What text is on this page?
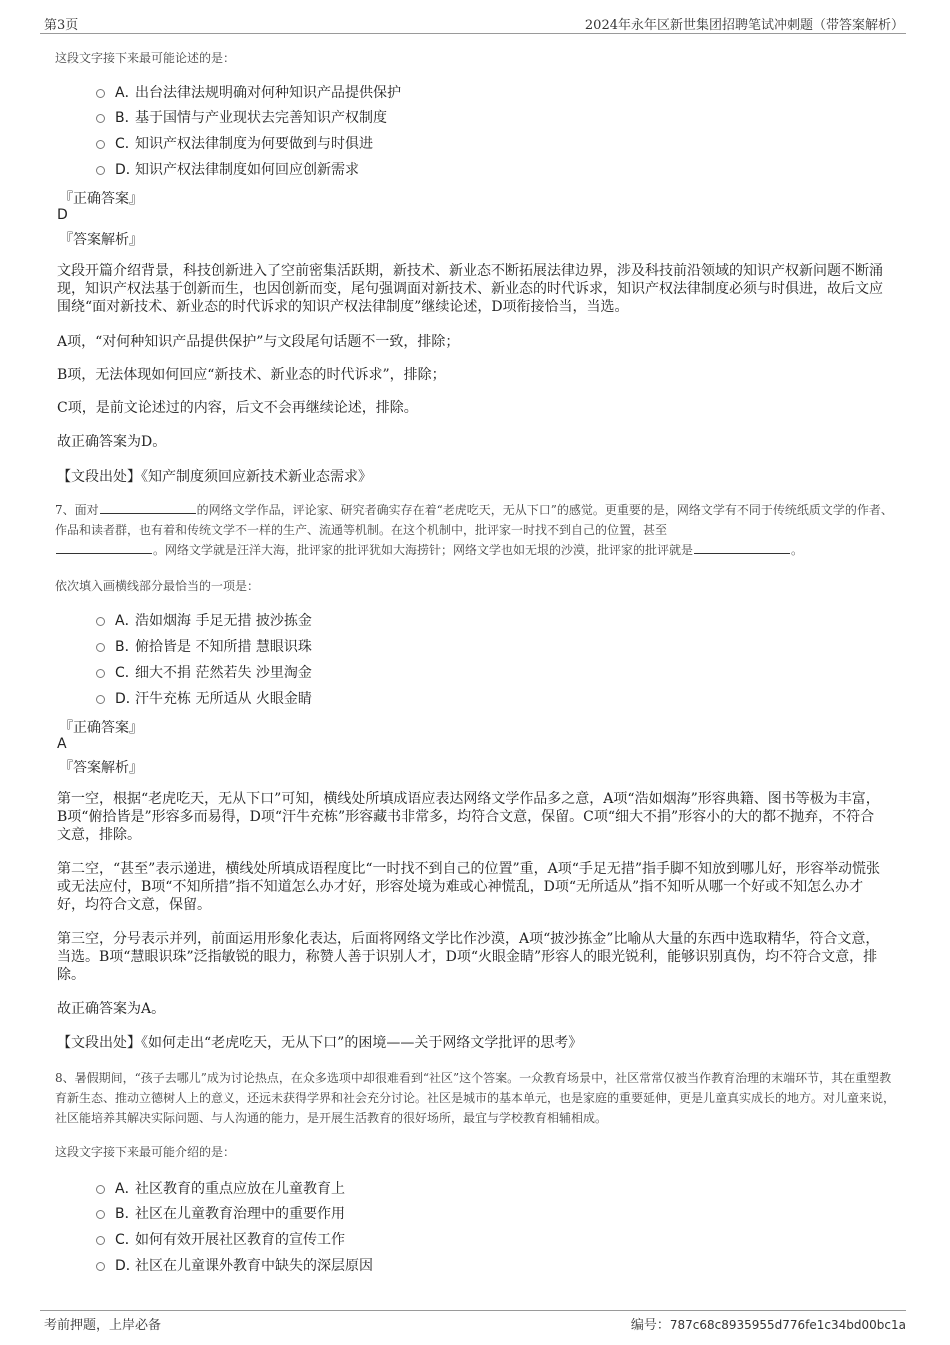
第3页	2024年永年区新世集团招聘笔试冲刺题（带答案解析）
这段文字接下来最可能论述的是：
A．
出台法律法规明确对何种知识产品提供保护
B．
基于国情与产业现状去完善知识产权制度
C．
知识产权法律制度为何要做到与时俱进
D．
知识产权法律制度如何回应创新需求
『正确答案』
D
『答案解析』
文段开篇介绍背景，科技创新进入了空前密集活跃期，新技术、新业态不断拓展法律边界，涉及科技前沿领域的知识产权新问题不断涌现，知识产权法基于创新而生，也因创新而变，尾句强调面对新技术、新业态的时代诉求，知识产权法律制度必须与时俱进，故后文应围绕“面对新技术、新业态的时代诉求的知识产权法律制度”继续论述，D项衔接恰当，当选。
A项，“对何种知识产品提供保护”与文段尾句话题不一致，排除；
B项，无法体现如何回应“新技术、新业态的时代诉求”，排除；
C项，是前文论述过的内容，后文不会再继续论述，排除。
故正确答案为D。
【文段出处】《知产制度须回应新技术新业态需求》
7、面对	的网络文学作品，评论家、研究者确实存在着“老虎吃天，无从下口”的感觉。更重要的是，网络文学有不同于传统纸质文学的作者、作品和读者群，也有着和传统文学不一样的生产、流通等机制。在这个机制中，批评家一时找不到自己的位置，甚至
。网络文学就是汪洋大海，批评家的批评犹如大海捞针；网络文学也如无垠的沙漠，批评家的批评就是	。
依次填入画横线部分最恰当的一项是：
A．
浩如烟海 手足无措 披沙拣金
B．
俯拾皆是 不知所措 慧眼识珠
C．
细大不捐 茫然若失 沙里淘金
D．
汗牛充栋 无所适从 火眼金睛
『正确答案』
A
『答案解析』
第一空，根据“老虎吃天，无从下口”可知，横线处所填成语应表达网络文学作品多之意，A项“浩如烟海”形容典籍、图书等极为丰富，B项“俯拾皆是”形容多而易得，D项“汗牛充栋”形容藏书非常多，均符合文意，保留。C项“细大不捐”形容小的大的都不抛弃，不符合文意，排除。
第二空，“甚至”表示递进，横线处所填成语程度比“一时找不到自己的位置”重，A项“手足无措”指手脚不知放到哪儿好，形容举动慌张或无法应付，B项“不知所措”指不知道怎么办才好，形容处境为难或心神慌乱，D项“无所适从”指不知听从哪一个好或不知怎么办才好，均符合文意，保留。
第三空，分号表示并列，前面运用形象化表达，后面将网络文学比作沙漠，A项“披沙拣金”比喻从大量的东西中选取精华，符合文意，当选。B项“慧眼识珠”泛指敏锐的眼力，称赞人善于识别人才，D项“火眼金睛”形容人的眼光锐利，能够识别真伪，均不符合文意，排除。
故正确答案为A。
【文段出处】《如何走出“老虎吃天，无从下口”的困境——关于网络文学批评的思考》
8、暑假期间，“孩子去哪儿”成为讨论热点，在众多选项中却很难看到“社区”这个答案。一众教育场景中，社区常常仅被当作教育治理的末端环节，其在重塑教育新生态、推动立德树人上的意义，还远未获得学界和社会充分讨论。社区是城市的基本单元，也是家庭的重要延伸，更是儿童真实成长的地方。对儿童来说，社区能培养其解决实际问题、与人沟通的能力，是开展生活教育的很好场所，最宜与学校教育相辅相成。
这段文字接下来最可能介绍的是：
A．
社区教育的重点应放在儿童教育上
B．
社区在儿童教育治理中的重要作用
C．
如何有效开展社区教育的宣传工作
D．
社区在儿童课外教育中缺失的深层原因
考前押题，上岸必备	编号：787c68c8935955d776fe1c34bd00bc1a
